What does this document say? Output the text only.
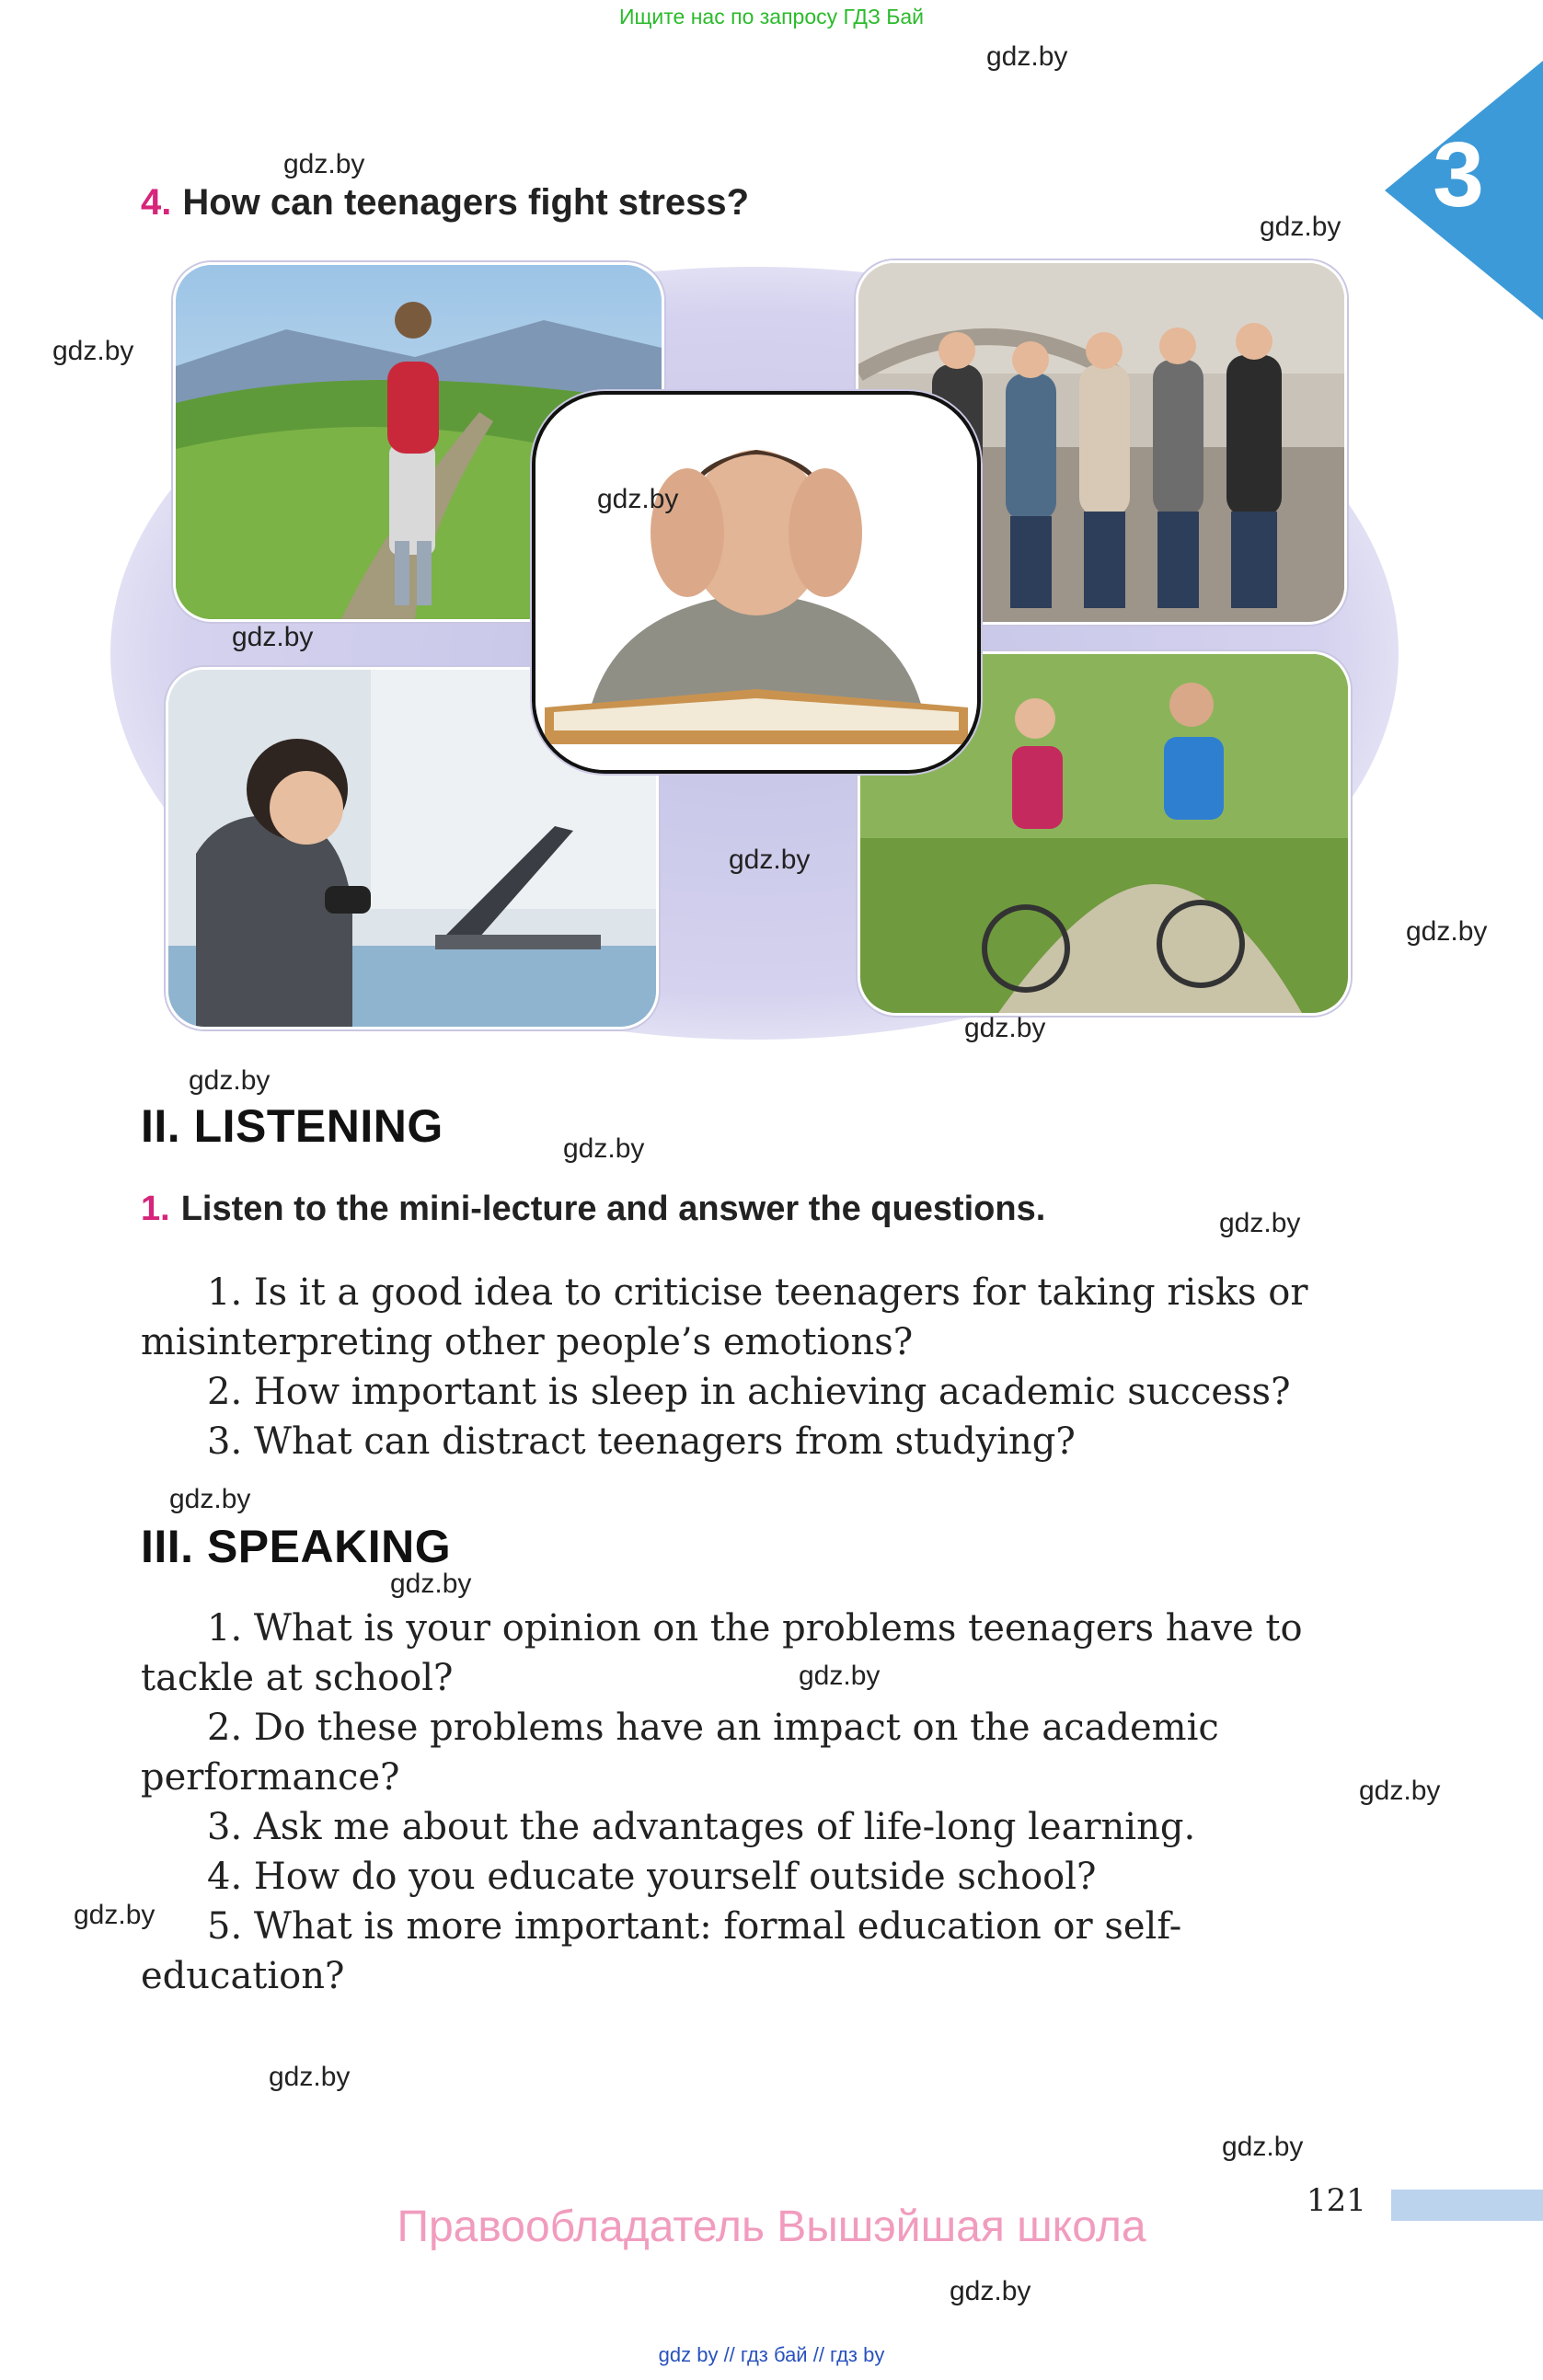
Ищите нас по запросу ГДЗ Бай
3
4. How can teenagers fight stress?
II. LISTENING
1. Listen to the mini-lecture and answer the questions.

1. Is it a good idea to criticise teenagers for taking risks or misinterpreting other people’s emotions?

2. How important is sleep in achieving academic success?

3. What can distract teenagers from studying?

III. SPEAKING

1. What is your opinion on the problems teenagers have to tackle at school?

2. Do these problems have an impact on the academic performance?

3. Ask me about the advantages of life-long learning.

4. How do you educate yourself outside school?

5. What is more important: formal education or self-education?

gdz.by
gdz.by
gdz.by
gdz.by
gdz.by
gdz.by
gdz.by
gdz.by
gdz.by
gdz.by
gdz.by
gdz.by
gdz.by
gdz.by
gdz.by
gdz.by
gdz.by
gdz.by
gdz.by
gdz.by
121
Правообладатель Вышэйшая школа
gdz by // гдз бай // гдз by
